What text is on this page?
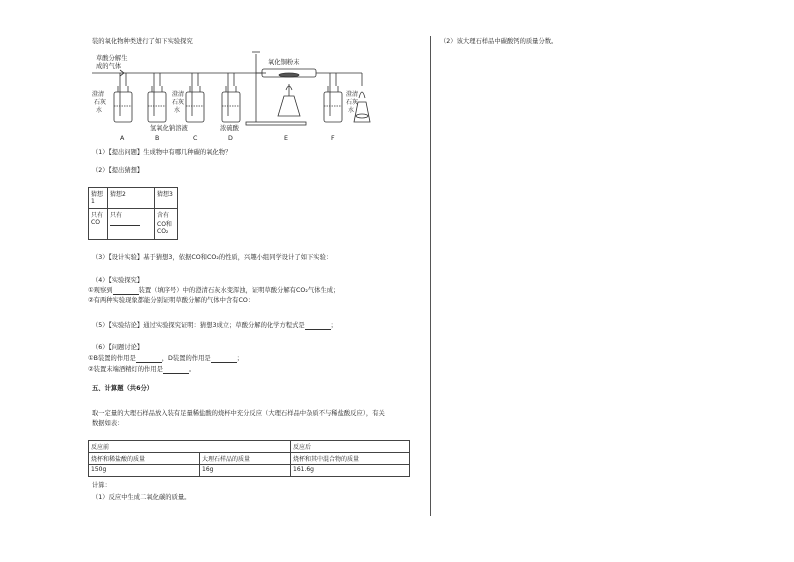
装的氧化物种类进行了如下实验探究
草酸分解生
成的气体
氧化铜粉末
澄清
石灰
水
澄清
石灰
水
澄清
石灰
水
氢氧化钠溶液	浓硫酸
A	B	C	D	E	F
（1）【提出问题】生成物中有哪几种碳的氧化物？
（2）【提出猜想】
猜想1	猜想2	猜想3
只有CO	只有	含有CO和CO₂
（3）【设计实验】基于猜想3，依据CO和CO₂的性质，兴趣小组同学设计了如下实验：
（4）【实验探究】
①观察到	装置（填序号）中的澄清石灰水变浑浊，证明草酸分解有CO₂气体生成；
②有两种实验现象都能分别证明草酸分解的气体中含有CO：
（5）【实验结论】通过实验探究证明：猜想3成立；草酸分解的化学方程式是	；
（6）【问题讨论】
①B装置的作用是	，D装置的作用是	；
②装置末端酒精灯的作用是	。
五、计算题（共6分）
取一定量的大理石样品放入装有足量稀盐酸的烧杯中充分反应（大理石样品中杂质不与稀盐酸反应），有关
数据如表：
反应前		反应后
烧杯和稀盐酸的质量	大理石样品的质量	烧杯和其中混合物的质量
150g	16g	161.6g
计算：
（1）反应中生成二氧化碳的质量。
（2）该大理石样品中碳酸钙的质量分数。
